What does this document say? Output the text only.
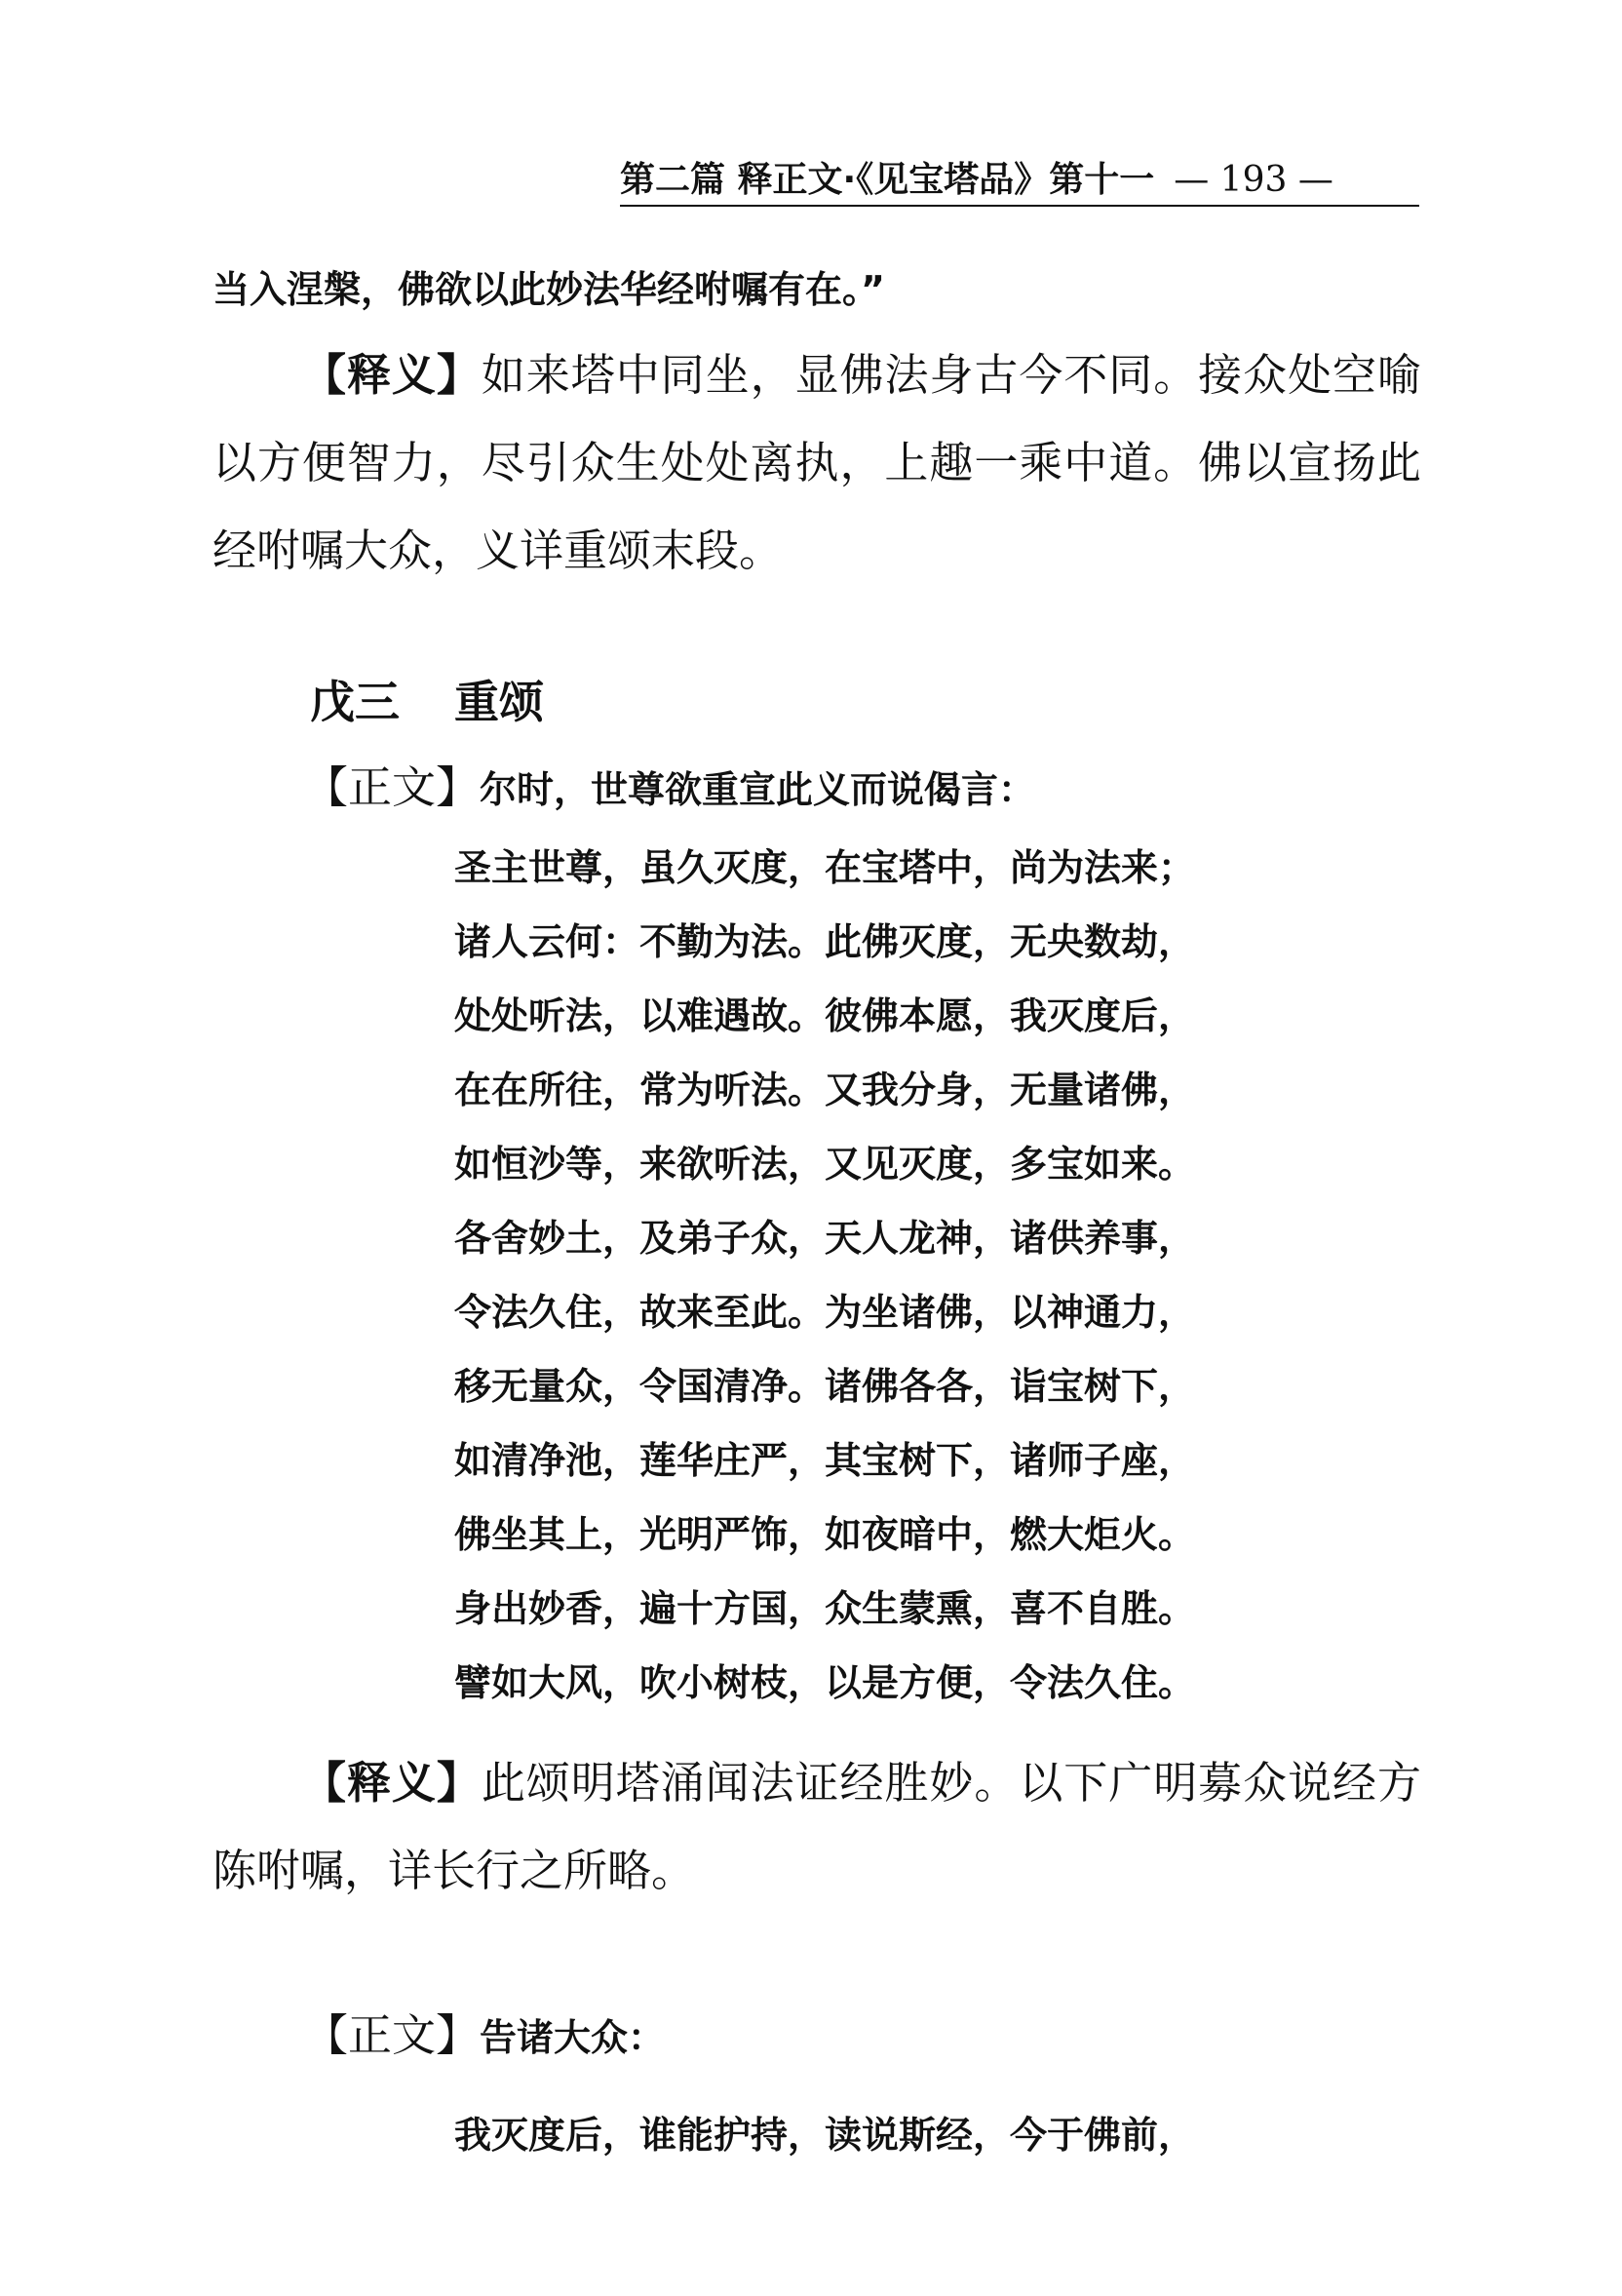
第二篇 释正文·《见宝塔品》第十一 — 193 —
当入涅槃，佛欲以此妙法华经咐嘱有在。”
【释义】如来塔中同坐，显佛法身古今不同。接众处空喻以方便智力，尽引众生处处离执，上趣一乘中道。佛以宣扬此经咐嘱大众，义详重颂末段。
戊三 重颂
【正文】尔时，世尊欲重宣此义而说偈言：
圣主世尊，虽久灭度，在宝塔中，尚为法来；
诸人云何：不勤为法。此佛灭度，无央数劫，
处处听法，以难遇故。彼佛本愿，我灭度后，
在在所往，常为听法。又我分身，无量诸佛，
如恒沙等，来欲听法，又见灭度，多宝如来。
各舍妙土，及弟子众，天人龙神，诸供养事，
令法久住，故来至此。为坐诸佛，以神通力，
移无量众，令国清净。诸佛各各，诣宝树下，
如清净池，莲华庄严，其宝树下，诸师子座，
佛坐其上，光明严饰，如夜暗中，燃大炬火。
身出妙香，遍十方国，众生蒙熏，喜不自胜。
譬如大风，吹小树枝，以是方便，令法久住。
【释义】此颂明塔涌闻法证经胜妙。以下广明募众说经方陈咐嘱，详长行之所略。
【正文】告诸大众：
我灭度后，谁能护持，读说斯经，今于佛前，
